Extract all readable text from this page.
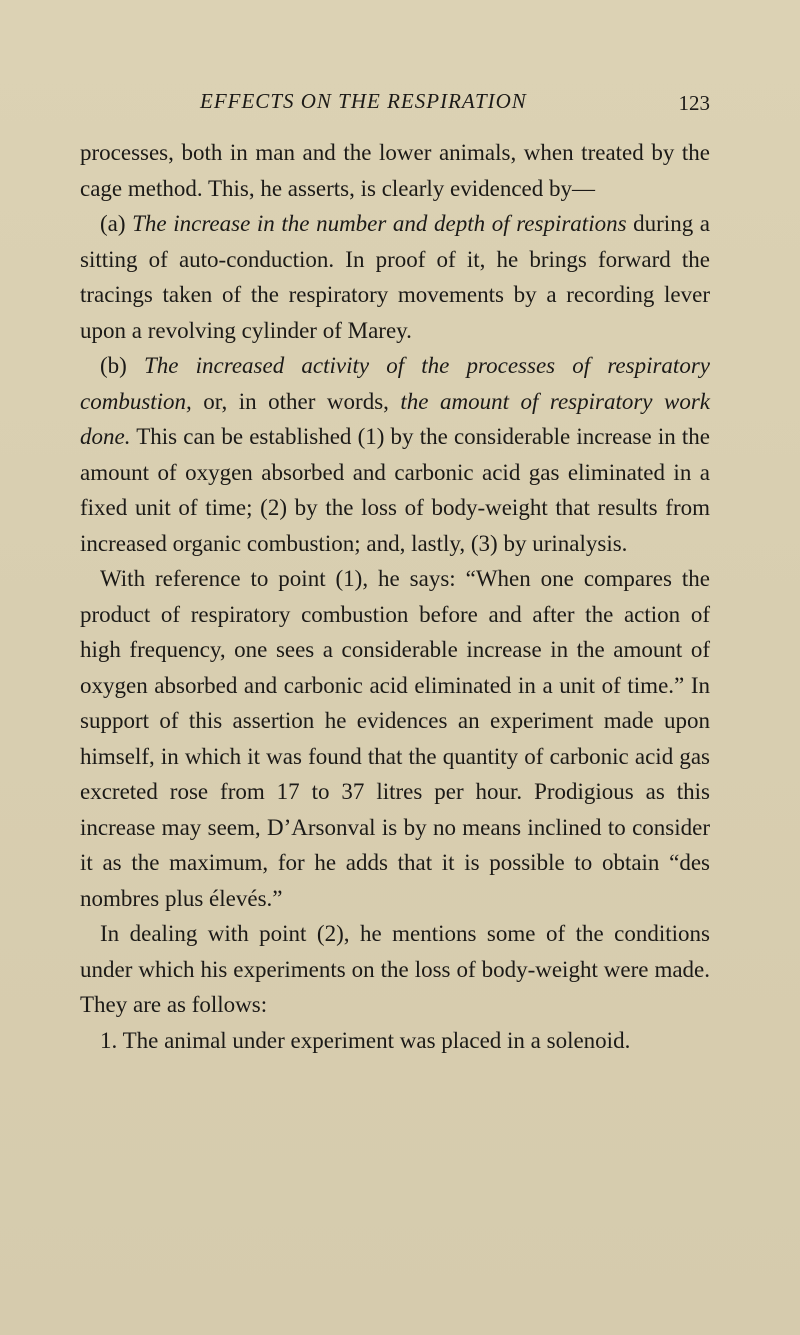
EFFECTS ON THE RESPIRATION	123

processes, both in man and the lower animals, when treated by the cage method. This, he asserts, is clearly evidenced by—

(a) The increase in the number and depth of respirations during a sitting of auto-conduction. In proof of it, he brings forward the tracings taken of the respiratory movements by a recording lever upon a revolving cylinder of Marey.

(b) The increased activity of the processes of respiratory combustion, or, in other words, the amount of respiratory work done. This can be established (1) by the considerable increase in the amount of oxygen absorbed and carbonic acid gas eliminated in a fixed unit of time; (2) by the loss of body-weight that results from increased organic combustion; and, lastly, (3) by urinalysis.

With reference to point (1), he says: “When one compares the product of respiratory combustion before and after the action of high frequency, one sees a considerable increase in the amount of oxygen absorbed and carbonic acid eliminated in a unit of time.” In support of this assertion he evidences an experiment made upon himself, in which it was found that the quantity of carbonic acid gas excreted rose from 17 to 37 litres per hour. Prodigious as this increase may seem, D’Arsonval is by no means inclined to consider it as the maximum, for he adds that it is possible to obtain “des nombres plus élevés.”

In dealing with point (2), he mentions some of the conditions under which his experiments on the loss of body-weight were made. They are as follows:

1. The animal under experiment was placed in a solenoid.
